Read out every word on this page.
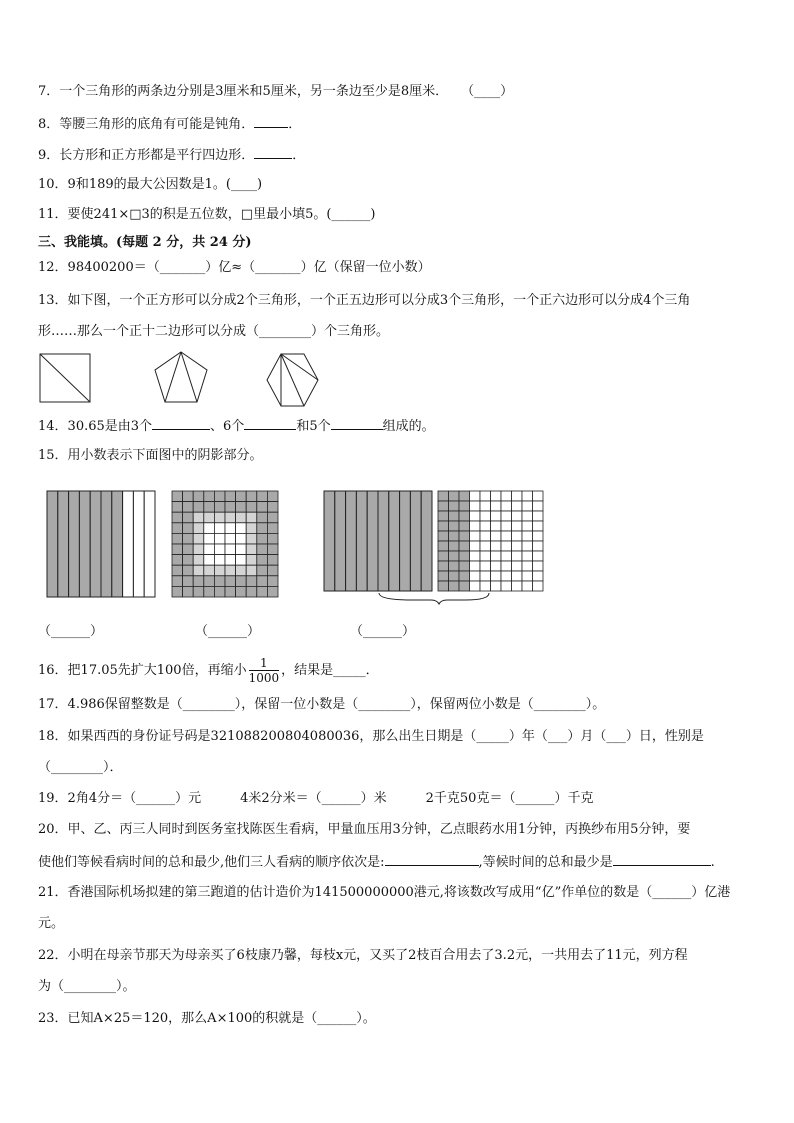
7．一个三角形的两条边分别是3厘米和5厘米，另一条边至少是8厘米．　　（____）
8．等腰三角形的底角有可能是钝角．	．
9．长方形和正方形都是平行四边形．	．
10．9和189的最大公因数是1。(____)
11．要使241×□3的积是五位数，□里最小填5。(______)
三、我能填。(每题 2 分，共 24 分)
12．98400200＝（_______）亿≈（_______）亿（保留一位小数）
13．如下图，一个正方形可以分成2个三角形，一个正五边形可以分成3个三角形，一个正六边形可以分成4个三角
形……那么一个正十二边形可以分成（________）个三角形。
14．30.65是由3个	、6个	和5个	组成的。
15．用小数表示下面图中的阴影部分。
（______）	（______）	（______）
16．把17.05先扩大100倍，再缩小 $\frac{1}{1000}$ ，结果是_____．
17．4.986保留整数是（________），保留一位小数是（________），保留两位小数是（________）。
18．如果西西的身份证号码是321088200804080036，那么出生日期是（_____）年（___）月（___）日，性别是
（________）．
19．2角4分＝（______）元　　　4米2分米＝（______）米　　　2千克50克＝（______）千克
20．甲、乙、丙三人同时到医务室找陈医生看病，甲量血压用3分钟，乙点眼药水用1分钟，丙换纱布用5分钟，要
使他们等候看病时间的总和最少,他们三人看病的顺序依次是:	,等候时间的总和最少是	.
21．香港国际机场拟建的第三跑道的估计造价为141500000000港元,将该数改写成用“亿”作单位的数是（______）亿港
元。
22．小明在母亲节那天为母亲买了6枝康乃馨，每枝x元，又买了2枝百合用去了3.2元，一共用去了11元，列方程
为（________）。
23．已知A×25＝120，那么A×100的积就是（______）。
